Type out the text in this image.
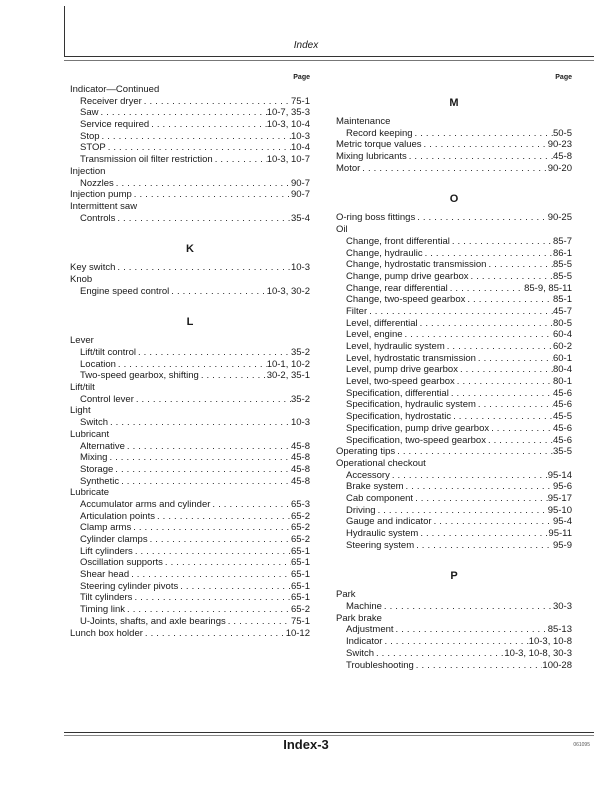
Index
Page
Indicator—Continued
Receiver dryer . . .	75-1
Saw . . .	10-7, 35-3
Service required . . .	10-3, 10-4
Stop . . .	10-3
STOP . . .	10-4
Transmission oil filter restriction . . .	10-3, 10-7
Injection
Nozzles . . .	90-7
Injection pump . . .	90-7
Intermittent saw
Controls . . .	35-4
K
Key switch . . .	10-3
Knob
Engine speed control . . .	10-3, 30-2
L
Lever
Lift/tilt control . . .	35-2
Location . . .	10-1, 10-2
Two-speed gearbox, shifting . . .	30-2, 35-1
Lift/tilt
Control lever . . .	35-2
Light
Switch . . .	10-3
Lubricant
Alternative . . .	45-8
Mixing . . .	45-8
Storage . . .	45-8
Synthetic . . .	45-8
Lubricate
Accumulator arms and cylinder . . .	65-3
Articulation points . . .	65-2
Clamp arms . . .	65-2
Cylinder clamps . . .	65-2
Lift cylinders . . .	65-1
Oscillation supports . . .	65-1
Shear head . . .	65-1
Steering cylinder pivots . . .	65-1
Tilt cylinders . . .	65-1
Timing link . . .	65-2
U-Joints, shafts, and axle bearings . . .	75-1
Lunch box holder . . .	10-12
Page
M
Maintenance
Record keeping . . .	50-5
Metric torque values . . .	90-23
Mixing lubricants . . .	45-8
Motor . . .	90-20
O
O-ring boss fittings . . .	90-25
Oil
Change, front differential . . .	85-7
Change, hydraulic . . .	86-1
Change, hydrostatic transmission . . .	85-5
Change, pump drive gearbox . . .	85-5
Change, rear differential . . .	85-9, 85-11
Change, two-speed gearbox . . .	85-1
Filter . . .	45-7
Level, differential . . .	80-5
Level, engine . . .	60-4
Level, hydraulic system . . .	60-2
Level, hydrostatic transmission . . .	60-1
Level, pump drive gearbox . . .	80-4
Level, two-speed gearbox . . .	80-1
Specification, differential . . .	45-6
Specification, hydraulic system . . .	45-6
Specification, hydrostatic . . .	45-5
Specification, pump drive gearbox . . .	45-6
Specification, two-speed gearbox . . .	45-6
Operating tips . . .	35-5
Operational checkout
Accessory . . .	95-14
Brake system . . .	95-6
Cab component . . .	95-17
Driving . . .	95-10
Gauge and indicator . . .	95-4
Hydraulic system . . .	95-11
Steering system . . .	95-9
P
Park
Machine . . .	30-3
Park brake
Adjustment . . .	85-13
Indicator . . .	10-3, 10-8
Switch . . .	10-3, 10-8, 30-3
Troubleshooting . . .	100-28
Index-3	061095
